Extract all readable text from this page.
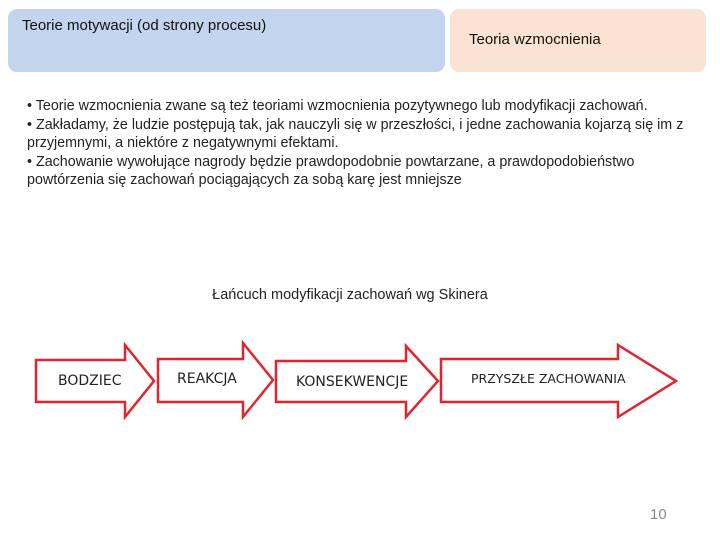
Teorie motywacji (od strony procesu)
Teoria wzmocnienia

• Teorie wzmocnienia zwane są też teoriami wzmocnienia pozytywnego lub modyfikacji zachowań.

• Zakładamy, że ludzie postępują tak, jak nauczyli się w przeszłości, i jedne zachowania kojarzą się im z przyjemnymi, a niektóre z negatywnymi efektami.

• Zachowanie wywołujące nagrody będzie prawdopodobnie powtarzane, a prawdopodobieństwo powtórzenia się zachowań pociągających za sobą karę jest mniejsze

Łańcuch modyfikacji zachowań wg Skinera
BODZIEC	REAKCJA	KONSEKWENCJE	PRZYSZŁE ZACHOWANIA
10
